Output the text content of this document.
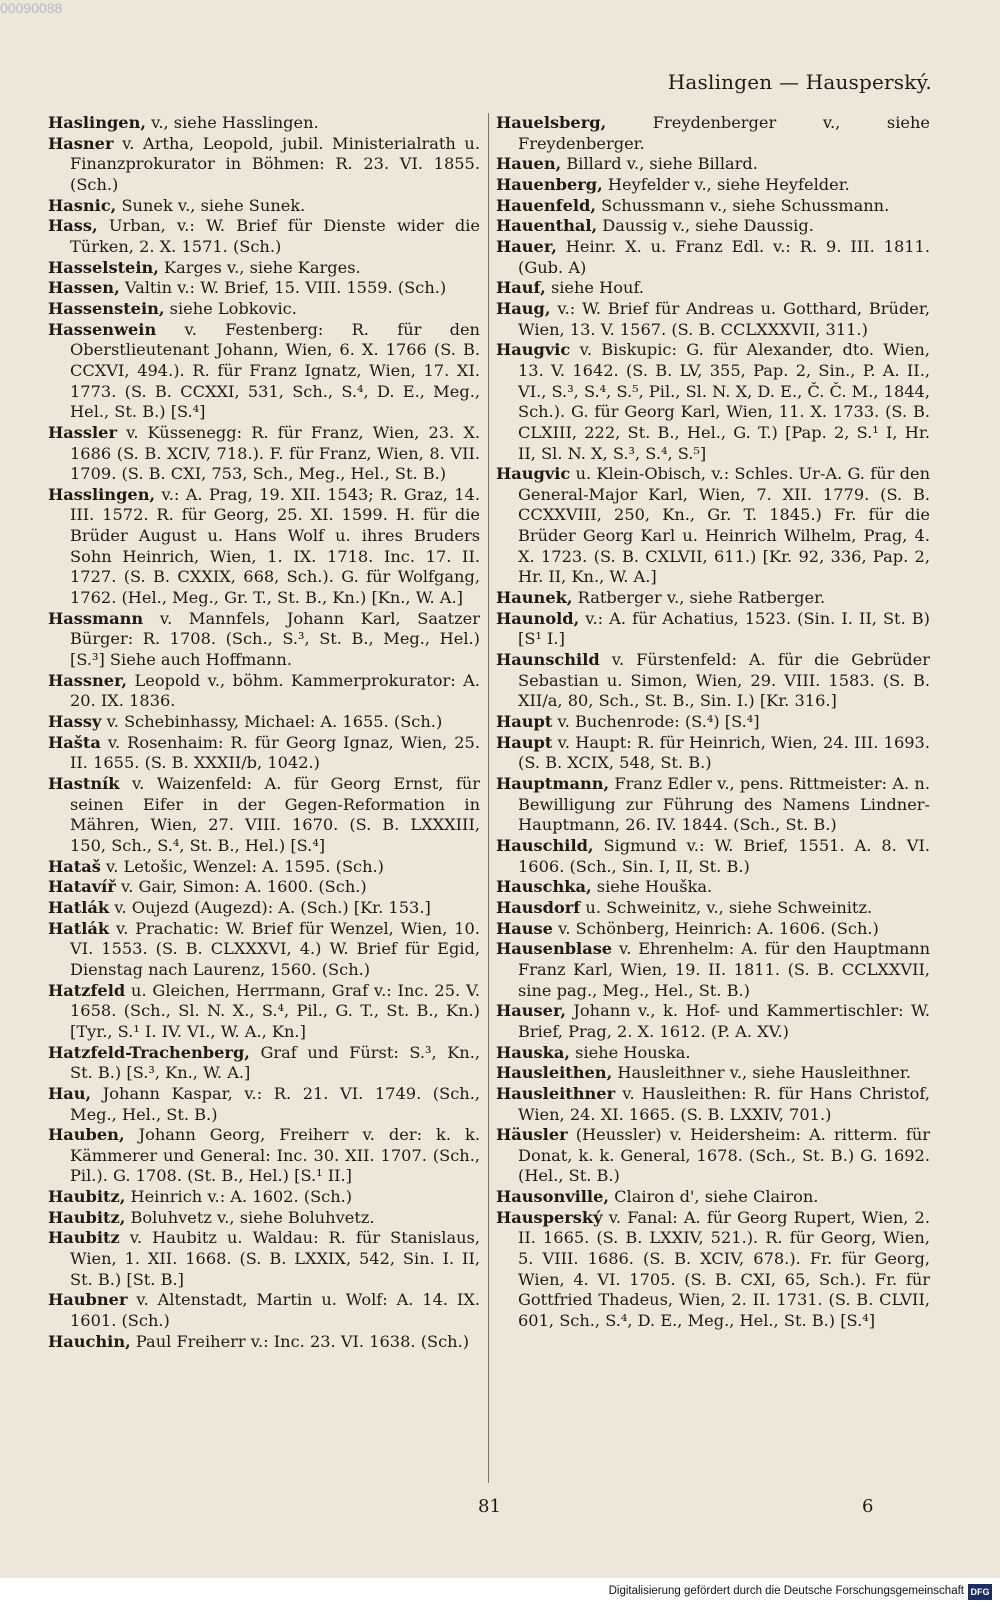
00090088
Haslingen — Hausperský.

Haslingen, v., siehe Hasslingen.

Hasner v. Artha, Leopold, jubil. Ministerialrath u. Finanzprokurator in Böhmen: R. 23. VI. 1855. (Sch.)

Hasnic, Sunek v., siehe Sunek.

Hass, Urban, v.: W. Brief für Dienste wider die Türken, 2. X. 1571. (Sch.)

Hasselstein, Karges v., siehe Karges.

Hassen, Valtin v.: W. Brief, 15. VIII. 1559. (Sch.)

Hassenstein, siehe Lobkovic.

Hassenwein v. Festenberg: R. für den Oberstlieutenant Johann, Wien, 6. X. 1766 (S. B. CCXVI, 494.). R. für Franz Ignatz, Wien, 17. XI. 1773. (S. B. CCXXI, 531, Sch., S.⁴, D. E., Meg., Hel., St. B.) [S.⁴]

Hassler v. Küssenegg: R. für Franz, Wien, 23. X. 1686 (S. B. XCIV, 718.). F. für Franz, Wien, 8. VII. 1709. (S. B. CXI, 753, Sch., Meg., Hel., St. B.)

Hasslingen, v.: A. Prag, 19. XII. 1543; R. Graz, 14. III. 1572. R. für Georg, 25. XI. 1599. H. für die Brüder August u. Hans Wolf u. ihres Bruders Sohn Heinrich, Wien, 1. IX. 1718. Inc. 17. II. 1727. (S. B. CXXIX, 668, Sch.). G. für Wolfgang, 1762. (Hel., Meg., Gr. T., St. B., Kn.) [Kn., W. A.]

Hassmann v. Mannfels, Johann Karl, Saatzer Bürger: R. 1708. (Sch., S.³, St. B., Meg., Hel.) [S.³] Siehe auch Hoffmann.

Hassner, Leopold v., böhm. Kammerprokurator: A. 20. IX. 1836.

Hassy v. Schebinhassy, Michael: A. 1655. (Sch.)

Hašta v. Rosenhaim: R. für Georg Ignaz, Wien, 25. II. 1655. (S. B. XXXII/b, 1042.)

Hastník v. Waizenfeld: A. für Georg Ernst, für seinen Eifer in der Gegen-Reformation in Mähren, Wien, 27. VIII. 1670. (S. B. LXXXIII, 150, Sch., S.⁴, St. B., Hel.) [S.⁴]

Hataš v. Letošic, Wenzel: A. 1595. (Sch.)

Hatavíř v. Gair, Simon: A. 1600. (Sch.)

Hatlák v. Oujezd (Augezd): A. (Sch.) [Kr. 153.]

Hatlák v. Prachatic: W. Brief für Wenzel, Wien, 10. VI. 1553. (S. B. CLXXXVI, 4.) W. Brief für Egid, Dienstag nach Laurenz, 1560. (Sch.)

Hatzfeld u. Gleichen, Herrmann, Graf v.: Inc. 25. V. 1658. (Sch., Sl. N. X., S.⁴, Pil., G. T., St. B., Kn.) [Tyr., S.¹ I. IV. VI., W. A., Kn.]

Hatzfeld-Trachenberg, Graf und Fürst: S.³, Kn., St. B.) [S.³, Kn., W. A.]

Hau, Johann Kaspar, v.: R. 21. VI. 1749. (Sch., Meg., Hel., St. B.)

Hauben, Johann Georg, Freiherr v. der: k. k. Kämmerer und General: Inc. 30. XII. 1707. (Sch., Pil.). G. 1708. (St. B., Hel.) [S.¹ II.]

Haubitz, Heinrich v.: A. 1602. (Sch.)

Haubitz, Boluhvetz v., siehe Boluhvetz.

Haubitz v. Haubitz u. Waldau: R. für Stanislaus, Wien, 1. XII. 1668. (S. B. LXXIX, 542, Sin. I. II, St. B.) [St. B.]

Haubner v. Altenstadt, Martin u. Wolf: A. 14. IX. 1601. (Sch.)

Hauchin, Paul Freiherr v.: Inc. 23. VI. 1638. (Sch.)

Hauelsberg, Freydenberger v., siehe Freydenberger.

Hauen, Billard v., siehe Billard.

Hauenberg, Heyfelder v., siehe Heyfelder.

Hauenfeld, Schussmann v., siehe Schussmann.

Hauenthal, Daussig v., siehe Daussig.

Hauer, Heinr. X. u. Franz Edl. v.: R. 9. III. 1811. (Gub. A)

Hauf, siehe Houf.

Haug, v.: W. Brief für Andreas u. Gotthard, Brüder, Wien, 13. V. 1567. (S. B. CCLXXXVII, 311.)

Haugvic v. Biskupic: G. für Alexander, dto. Wien, 13. V. 1642. (S. B. LV, 355, Pap. 2, Sin., P. A. II., VI., S.³, S.⁴, S.⁵, Pil., Sl. N. X, D. E., Č. Č. M., 1844, Sch.). G. für Georg Karl, Wien, 11. X. 1733. (S. B. CLXIII, 222, St. B., Hel., G. T.) [Pap. 2, S.¹ I, Hr. II, Sl. N. X, S.³, S.⁴, S.⁵]

Haugvic u. Klein-Obisch, v.: Schles. Ur-A. G. für den General-Major Karl, Wien, 7. XII. 1779. (S. B. CCXXVIII, 250, Kn., Gr. T. 1845.) Fr. für die Brüder Georg Karl u. Heinrich Wilhelm, Prag, 4. X. 1723. (S. B. CXLVII, 611.) [Kr. 92, 336, Pap. 2, Hr. II, Kn., W. A.]

Haunek, Ratberger v., siehe Ratberger.

Haunold, v.: A. für Achatius, 1523. (Sin. I. II, St. B) [S¹ I.]

Haunschild v. Fürstenfeld: A. für die Gebrüder Sebastian u. Simon, Wien, 29. VIII. 1583. (S. B. XII/a, 80, Sch., St. B., Sin. I.) [Kr. 316.]

Haupt v. Buchenrode: (S.⁴) [S.⁴]

Haupt v. Haupt: R. für Heinrich, Wien, 24. III. 1693. (S. B. XCIX, 548, St. B.)

Hauptmann, Franz Edler v., pens. Rittmeister: A. n. Bewilligung zur Führung des Namens Lindner-Hauptmann, 26. IV. 1844. (Sch., St. B.)

Hauschild, Sigmund v.: W. Brief, 1551. A. 8. VI. 1606. (Sch., Sin. I, II, St. B.)

Hauschka, siehe Houška.

Hausdorf u. Schweinitz, v., siehe Schweinitz.

Hause v. Schönberg, Heinrich: A. 1606. (Sch.)

Hausenblase v. Ehrenhelm: A. für den Hauptmann Franz Karl, Wien, 19. II. 1811. (S. B. CCLXXVII, sine pag., Meg., Hel., St. B.)

Hauser, Johann v., k. Hof- und Kammertischler: W. Brief, Prag, 2. X. 1612. (P. A. XV.)

Hauska, siehe Houska.

Hausleithen, Hausleithner v., siehe Hausleithner.

Hausleithner v. Hausleithen: R. für Hans Christof, Wien, 24. XI. 1665. (S. B. LXXIV, 701.)

Häusler (Heussler) v. Heidersheim: A. ritterm. für Donat, k. k. General, 1678. (Sch., St. B.) G. 1692. (Hel., St. B.)

Hausonville, Clairon d', siehe Clairon.

Hausperský v. Fanal: A. für Georg Rupert, Wien, 2. II. 1665. (S. B. LXXIV, 521.). R. für Georg, Wien, 5. VIII. 1686. (S. B. XCIV, 678.). Fr. für Georg, Wien, 4. VI. 1705. (S. B. CXI, 65, Sch.). Fr. für Gottfried Thadeus, Wien, 2. II. 1731. (S. B. CLVII, 601, Sch., S.⁴, D. E., Meg., Hel., St. B.) [S.⁴]

81	6
Digitalisierung gefördert durch die Deutsche Forschungsgemeinschaft DFG
